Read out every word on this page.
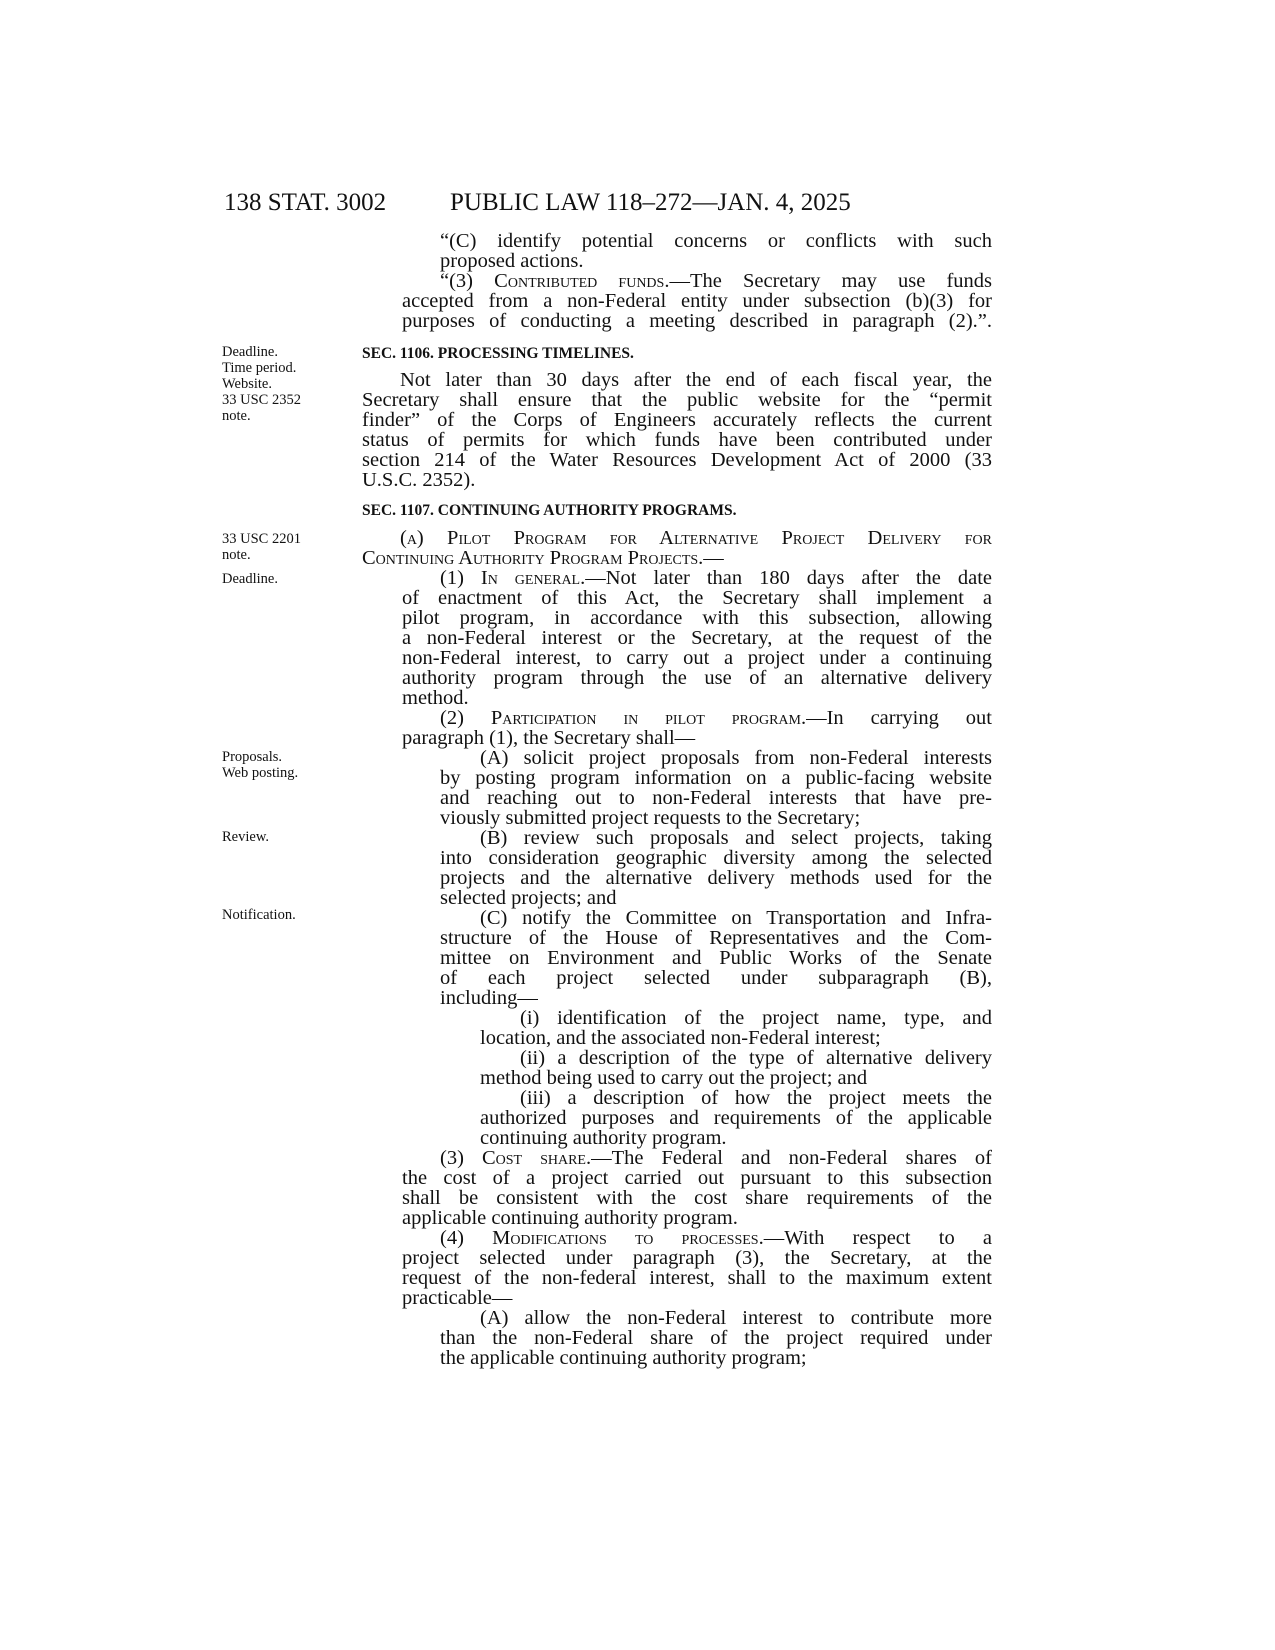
138 STAT. 3002	PUBLIC LAW 118–272—JAN. 4, 2025
“(C) identify potential concerns or conflicts with such
proposed actions.
“(3) Contributed funds.—The Secretary may use funds
accepted from a non-Federal entity under subsection (b)(3) for
purposes of conducting a meeting described in paragraph (2).”.
Deadline.
Time period.
Website.
33 USC 2352
note.
33 USC 2201
note.
Deadline.
Proposals.
Web posting.
Review.
Notification.
SEC. 1106. PROCESSING TIMELINES.
Not later than 30 days after the end of each fiscal year, the
Secretary shall ensure that the public website for the “permit
finder” of the Corps of Engineers accurately reflects the current
status of permits for which funds have been contributed under
section 214 of the Water Resources Development Act of 2000 (33
U.S.C. 2352).
SEC. 1107. CONTINUING AUTHORITY PROGRAMS.
(a) Pilot Program for Alternative Project Delivery for
Continuing Authority Program Projects.—
(1) In general.—Not later than 180 days after the date
of enactment of this Act, the Secretary shall implement a
pilot program, in accordance with this subsection, allowing
a non-Federal interest or the Secretary, at the request of the
non-Federal interest, to carry out a project under a continuing
authority program through the use of an alternative delivery
method.
(2) Participation in pilot program.—In carrying out
paragraph (1), the Secretary shall—
(A) solicit project proposals from non-Federal interests
by posting program information on a public-facing website
and reaching out to non-Federal interests that have pre-
viously submitted project requests to the Secretary;
(B) review such proposals and select projects, taking
into consideration geographic diversity among the selected
projects and the alternative delivery methods used for the
selected projects; and
(C) notify the Committee on Transportation and Infra-
structure of the House of Representatives and the Com-
mittee on Environment and Public Works of the Senate
of each project selected under subparagraph (B),
including—
(i) identification of the project name, type, and
location, and the associated non-Federal interest;
(ii) a description of the type of alternative delivery
method being used to carry out the project; and
(iii) a description of how the project meets the
authorized purposes and requirements of the applicable
continuing authority program.
(3) Cost share.—The Federal and non-Federal shares of
the cost of a project carried out pursuant to this subsection
shall be consistent with the cost share requirements of the
applicable continuing authority program.
(4) Modifications to processes.—With respect to a
project selected under paragraph (3), the Secretary, at the
request of the non-federal interest, shall to the maximum extent
practicable—
(A) allow the non-Federal interest to contribute more
than the non-Federal share of the project required under
the applicable continuing authority program;
